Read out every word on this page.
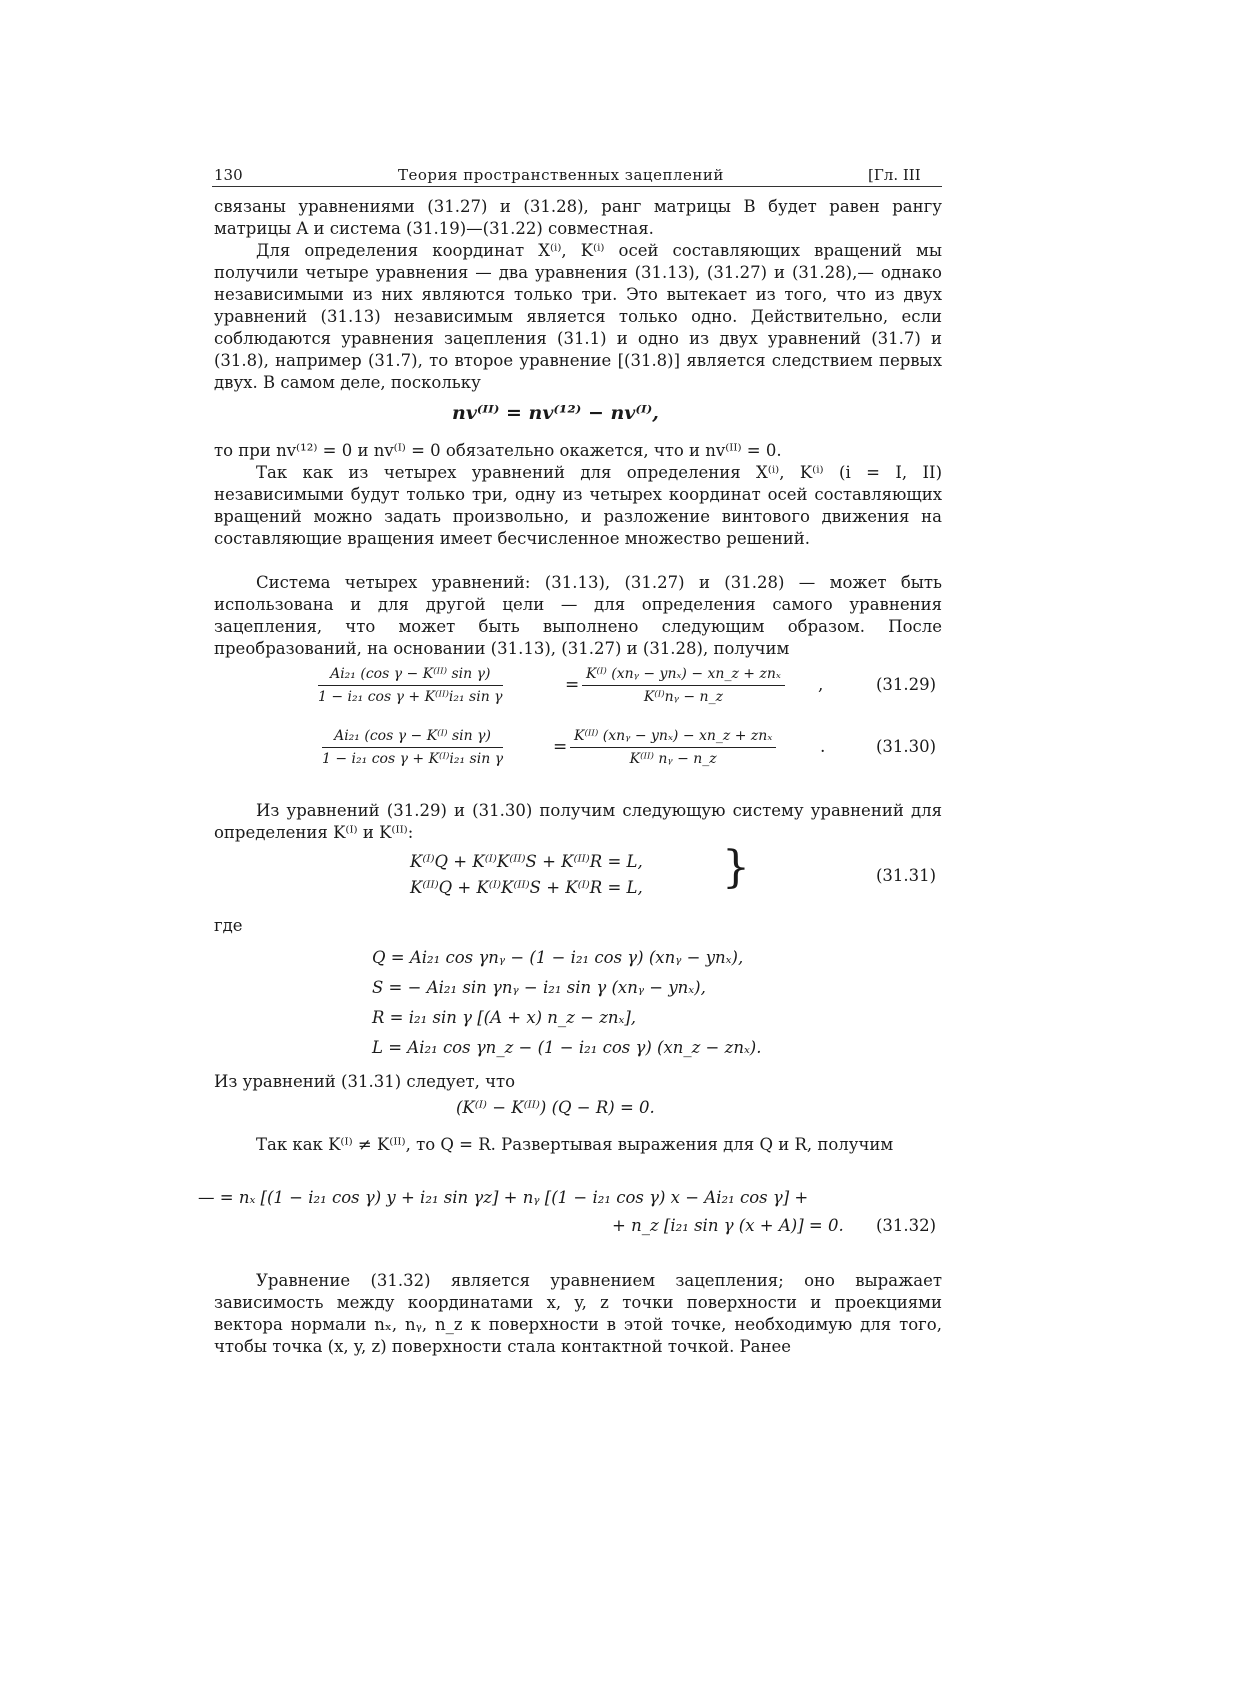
130	Теория пространственных зацеплений	[Гл. III
связаны уравнениями (31.27) и (31.28), ранг матрицы B будет равен рангу матрицы A и система (31.19)—(31.22) совместная.
Для определения координат X⁽ⁱ⁾, K⁽ⁱ⁾ осей составляющих вращений мы получили четыре уравнения — два уравнения (31.13), (31.27) и (31.28),— однако независимыми из них являются только три. Это вытекает из того, что из двух уравнений (31.13) независимым является только одно. Действительно, если соблюдаются уравнения зацепления (31.1) и одно из двух уравнений (31.7) и (31.8), например (31.7), то второе уравнение [(31.8)] является следствием первых двух. В самом деле, поскольку
nv⁽ᴵᴵ⁾ = nv⁽¹²⁾ − nv⁽ᴵ⁾,
то при nv⁽¹²⁾ = 0 и nv⁽ᴵ⁾ = 0 обязательно окажется, что и nv⁽ᴵᴵ⁾ = 0.
Так как из четырех уравнений для определения X⁽ⁱ⁾, K⁽ⁱ⁾ (i = I, II) независимыми будут только три, одну из четырех координат осей составляющих вращений можно задать произвольно, и разложение винтового движения на составляющие вращения имеет бесчисленное множество решений.
Система четырех уравнений: (31.13), (31.27) и (31.28) — может быть использована и для другой цели — для определения самого уравнения зацепления, что может быть выполнено следующим образом. После преобразований, на основании (31.13), (31.27) и (31.28), получим
$\frac{\text{Ai₂₁ (cos γ − K⁽ᴵᴵ⁾ sin γ)}}{\text{1 − i₂₁ cos γ + K⁽ᴵᴵ⁾i₂₁ sin γ}}$	=
K⁽ᴵ⁾ (xnᵧ − ynₓ) − xn_z + znₓ
K⁽ᴵ⁾nᵧ − n_z
,	(31.29)
$\frac{\text{Ai₂₁ (cos γ − K⁽ᴵ⁾ sin γ)}}{\text{1 − i₂₁ cos γ + K⁽ᴵ⁾i₂₁ sin γ}}$	=
K⁽ᴵᴵ⁾ (xnᵧ − ynₓ) − xn_z + znₓ
K⁽ᴵᴵ⁾ nᵧ − n_z
.	(31.30)
Из уравнений (31.29) и (31.30) получим следующую систему уравнений для определения K⁽ᴵ⁾ и K⁽ᴵᴵ⁾:
K⁽ᴵ⁾Q + K⁽ᴵ⁾K⁽ᴵᴵ⁾S + K⁽ᴵᴵ⁾R = L,
K⁽ᴵᴵ⁾Q + K⁽ᴵ⁾K⁽ᴵᴵ⁾S + K⁽ᴵ⁾R = L, }	(31.31)
где
Q = Ai₂₁ cos γnᵧ − (1 − i₂₁ cos γ) (xnᵧ − ynₓ),
S = − Ai₂₁ sin γnᵧ − i₂₁ sin γ (xnᵧ − ynₓ),
R = i₂₁ sin γ [(A + x) n_z − znₓ],
L = Ai₂₁ cos γn_z − (1 − i₂₁ cos γ) (xn_z − znₓ).
Из уравнений (31.31) следует, что
(K⁽ᴵ⁾ − K⁽ᴵᴵ⁾) (Q − R) = 0.
Так как K⁽ᴵ⁾ ≠ K⁽ᴵᴵ⁾, то Q = R. Развертывая выражения для Q и R, получим
— = nₓ [(1 − i₂₁ cos γ) y + i₂₁ sin γz] + nᵧ [(1 − i₂₁ cos γ) x − Ai₂₁ cos γ] +
+ n_z [i₂₁ sin γ (x + A)] = 0. (31.32)
Уравнение (31.32) является уравнением зацепления; оно выражает зависимость между координатами x, y, z точки поверхности и проекциями вектора нормали nₓ, nᵧ, n_z к поверхности в этой точке, необходимую для того, чтобы точка (x, y, z) поверхности стала контактной точкой. Ранее
